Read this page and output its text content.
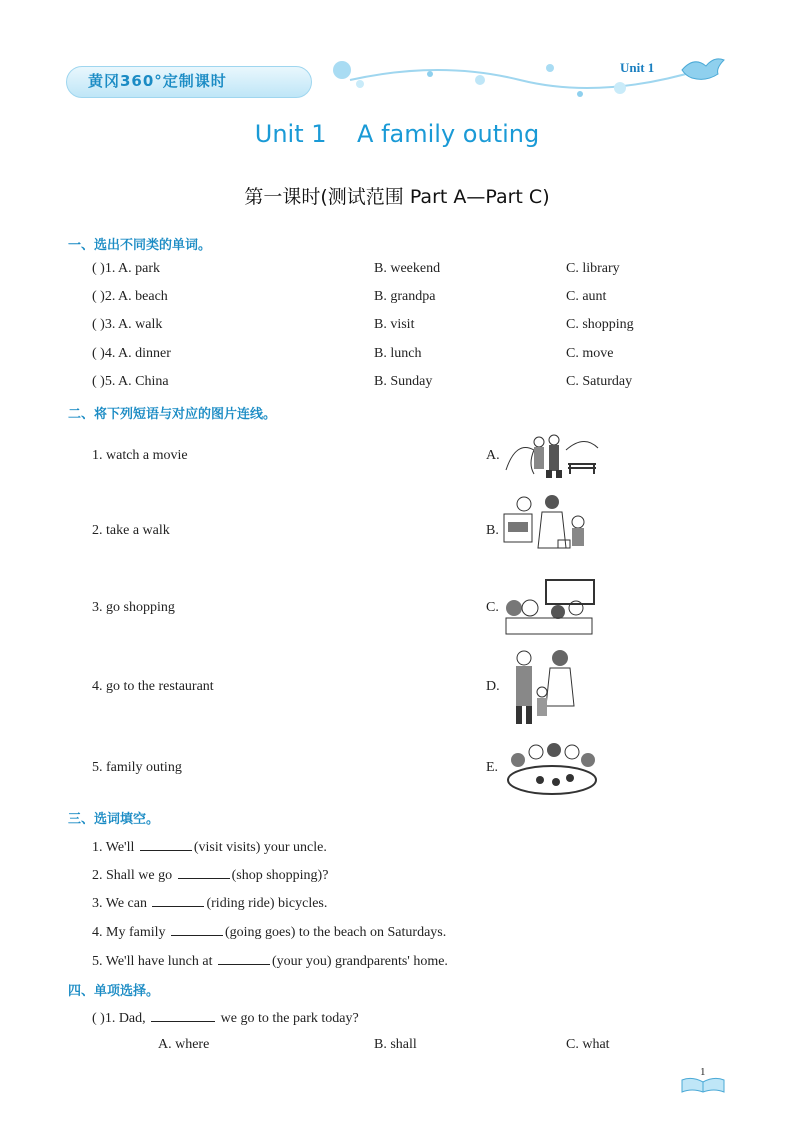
黄冈360°定制课时
Unit 1
Unit 1    A family outing
第一课时(测试范围 Part A—Part C)
一、选出不同类的单词。
( )1. A. park	B. weekend	C. library
( )2. A. beach	B. grandpa	C. aunt
( )3. A. walk	B. visit	C. shopping
( )4. A. dinner	B. lunch	C. move
( )5. A. China	B. Sunday	C. Saturday
二、将下列短语与对应的图片连线。
1. watch a movie
2. take a walk
3. go shopping
4. go to the restaurant
5. family outing
A.
B.
C.
D.
E.
三、选词填空。
1. We'll	(visit visits) your uncle.
2. Shall we go	(shop shopping)?
3. We can	(riding ride) bicycles.
4. My family	(going goes) to the beach on Saturdays.
5. We'll have lunch at	(your you) grandparents' home.
四、单项选择。
( )1. Dad,	we go to the park today?
A. where	B. shall	C. what
1
